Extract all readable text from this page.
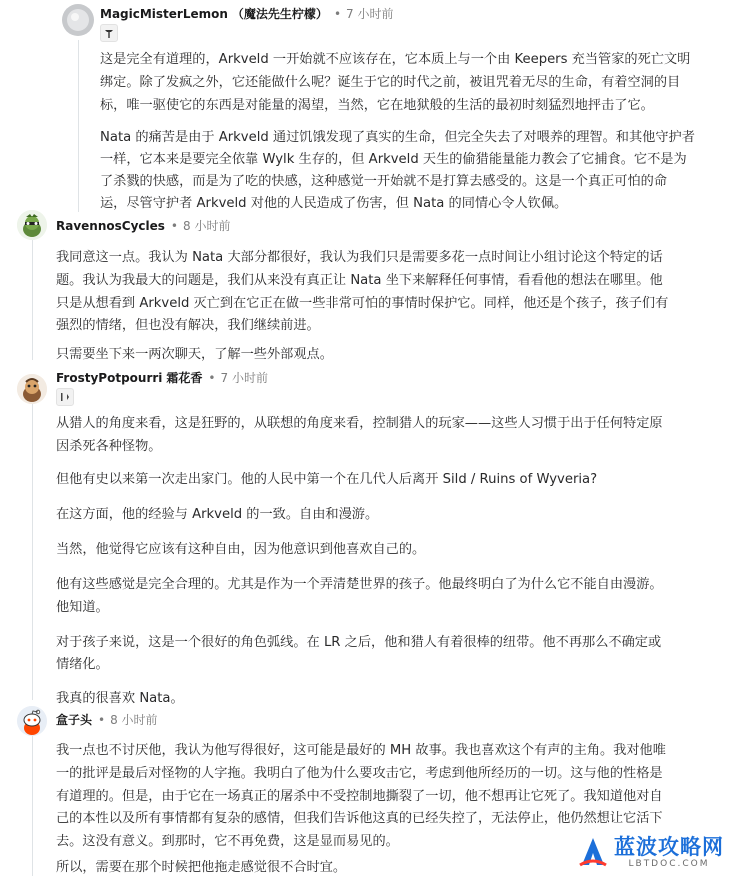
MagicMisterLemon （魔法先生柠檬） • 7 小时前

这是完全有道理的，Arkveld 一开始就不应该存在，它本质上与一个由 Keepers 充当管家的死亡文明

绑定。除了发疯之外，它还能做什么呢？诞生于它的时代之前，被诅咒着无尽的生命，有着空洞的目

标，唯一驱使它的东西是对能量的渴望，当然，它在地狱般的生活的最初时刻猛烈地抨击了它。

Nata 的痛苦是由于 Arkveld 通过饥饿发现了真实的生命，但完全失去了对喂养的理智。和其他守护者

一样，它本来是要完全依靠 Wylk 生存的，但 Arkveld 天生的偷猎能量能力教会了它捕食。它不是为

了杀戮的快感，而是为了吃的快感，这种感觉一开始就不是打算去感受的。这是一个真正可怕的命

运，尽管守护者 Arkveld 对他的人民造成了伤害，但 Nata 的同情心令人钦佩。

RavennosCycles • 8 小时前

我同意这一点。我认为 Nata 大部分都很好，我认为我们只是需要多花一点时间让小组讨论这个特定的话

题。我认为我最大的问题是，我们从来没有真正让 Nata 坐下来解释任何事情，看看他的想法在哪里。他

只是从想看到 Arkveld 灭亡到在它正在做一些非常可怕的事情时保护它。同样，他还是个孩子，孩子们有

强烈的情绪，但也没有解决，我们继续前进。

只需要坐下来一两次聊天，了解一些外部观点。

FrostyPotpourri 霜花香 • 7 小时前

从猎人的角度来看，这是狂野的，从联想的角度来看，控制猎人的玩家——这些人习惯于出于任何特定原

因杀死各种怪物。

但他有史以来第一次走出家门。他的人民中第一个在几代人后离开 Sild / Ruins of Wyveria?

在这方面，他的经验与 Arkveld 的一致。自由和漫游。

当然，他觉得它应该有这种自由，因为他意识到他喜欢自己的。

他有这些感觉是完全合理的。尤其是作为一个弄清楚世界的孩子。他最终明白了为什么它不能自由漫游。

他知道。

对于孩子来说，这是一个很好的角色弧线。在 LR 之后，他和猎人有着很棒的纽带。他不再那么不确定或

情绪化。

我真的很喜欢 Nata。

盒子头 • 8 小时前

我一点也不讨厌他，我认为他写得很好，这可能是最好的 MH 故事。我也喜欢这个有声的主角。我对他唯

一的批评是最后对怪物的人字拖。我明白了他为什么要攻击它，考虑到他所经历的一切。这与他的性格是

有道理的。但是，由于它在一场真正的屠杀中不受控制地撕裂了一切，他不想再让它死了。我知道他对自

己的本性以及所有事情都有复杂的感情，但我们告诉他这真的已经失控了，无法停止，他仍然想让它活下

去。这没有意义。到那时，它不再免费，这是显而易见的。

所以，需要在那个时候把他拖走感觉很不合时宜。

蓝波攻略网
LBTDOC.COM
